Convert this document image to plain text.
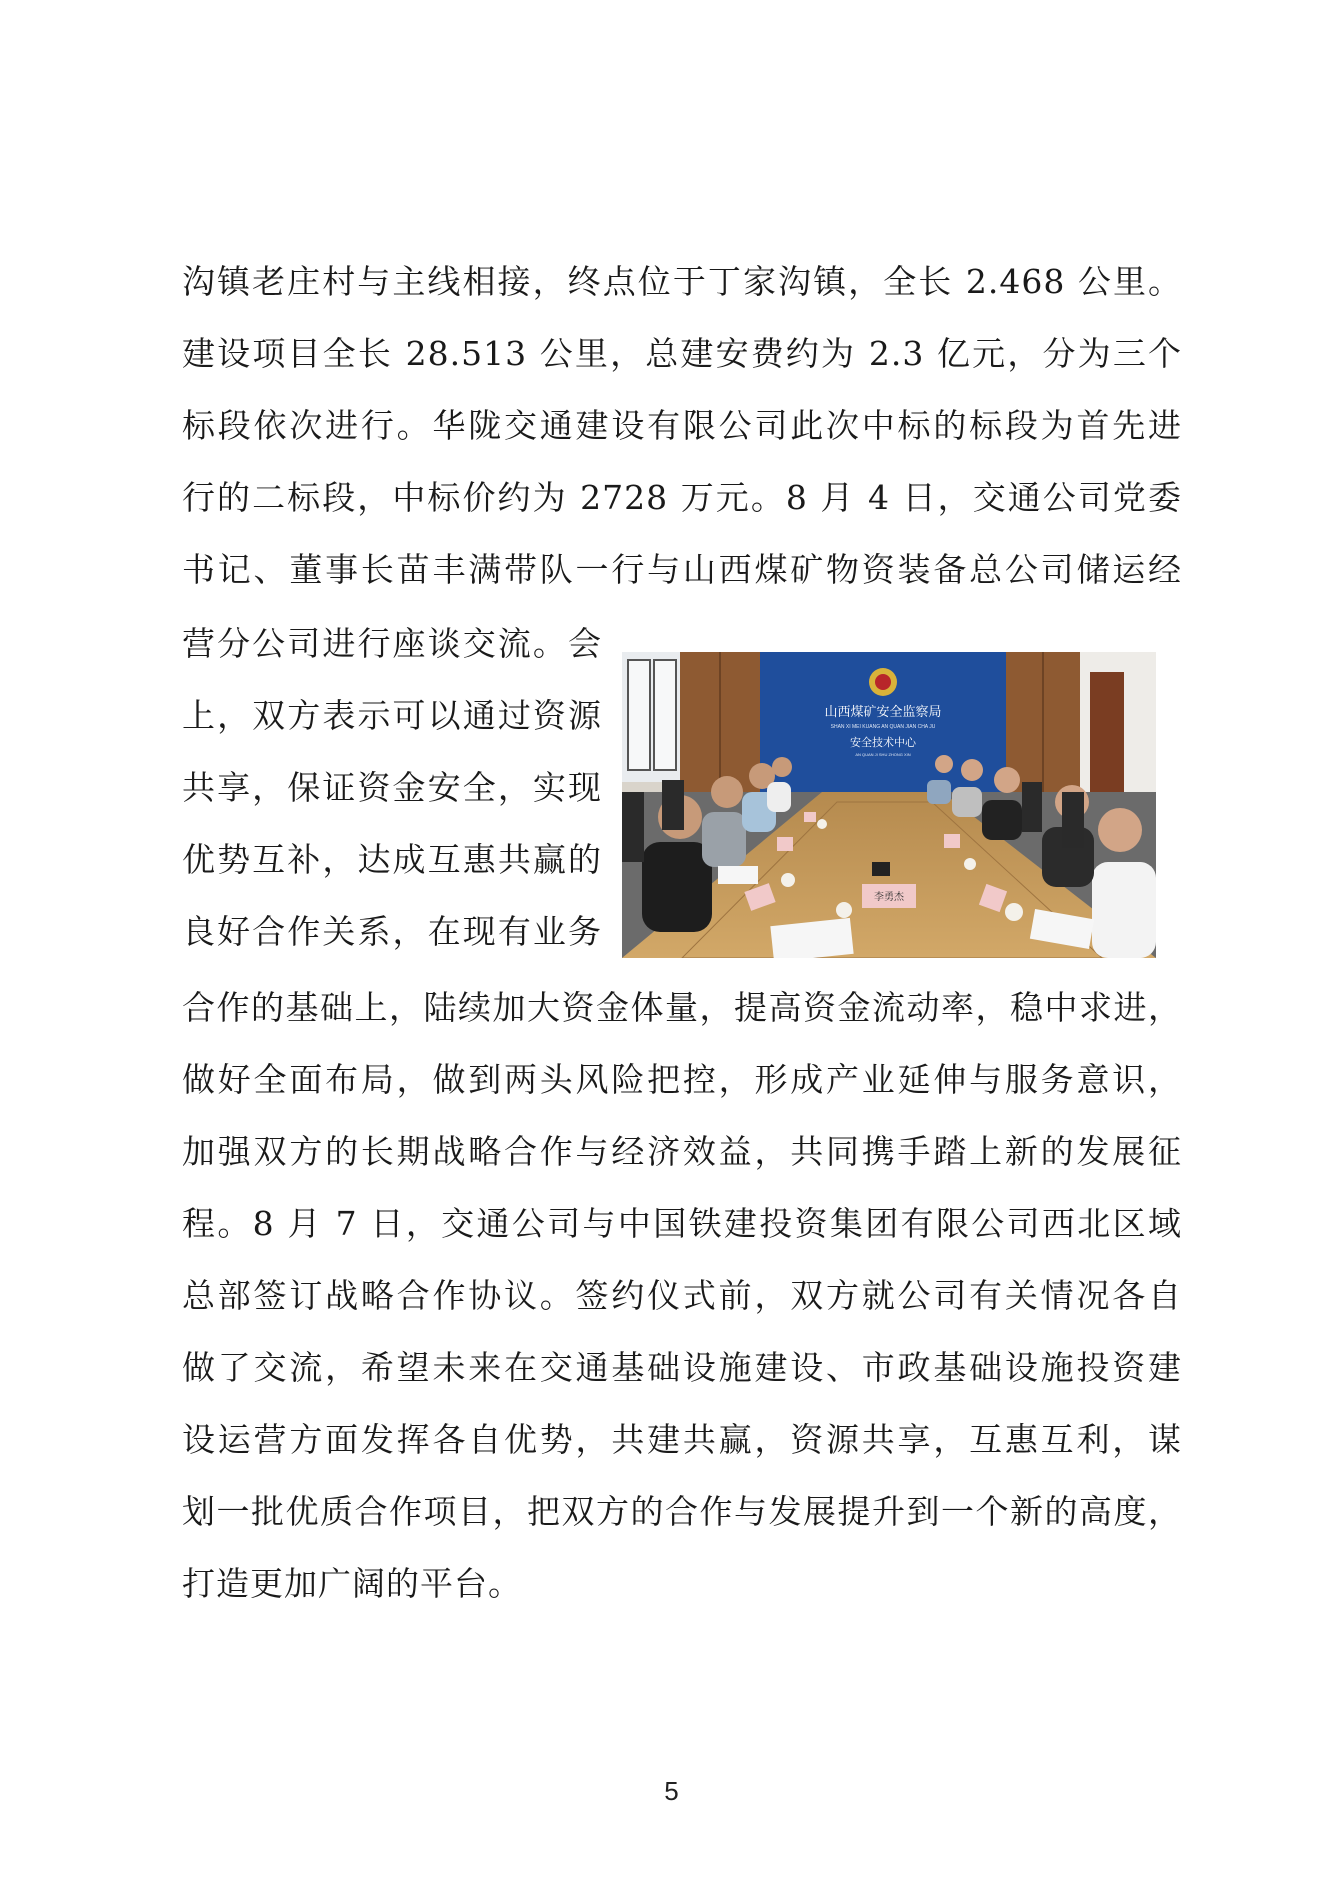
沟镇老庄村与主线相接，终点位于丁家沟镇，全长 2.468 公里。
建设项目全长 28.513 公里，总建安费约为 2.3 亿元，分为三个
标段依次进行。华陇交通建设有限公司此次中标的标段为首先进
行的二标段，中标价约为 2728 万元。8 月 4 日，交通公司党委
书记、董事长苗丰满带队一行与山西煤矿物资装备总公司储运经
营分公司进行座谈交流。会
上，双方表示可以通过资源
共享，保证资金安全，实现
优势互补，达成互惠共赢的
良好合作关系，在现有业务
合作的基础上，陆续加大资金体量，提高资金流动率，稳中求进，
做好全面布局，做到两头风险把控，形成产业延伸与服务意识，
加强双方的长期战略合作与经济效益，共同携手踏上新的发展征
程。8 月 7 日，交通公司与中国铁建投资集团有限公司西北区域
总部签订战略合作协议。签约仪式前，双方就公司有关情况各自
做了交流，希望未来在交通基础设施建设、市政基础设施投资建
设运营方面发挥各自优势，共建共赢，资源共享，互惠互利，谋
划一批优质合作项目，把双方的合作与发展提升到一个新的高度，
打造更加广阔的平台。
山西煤矿安全监察局
SHAN XI MEI KUANG AN QUAN JIAN CHA JU
安全技术中心
AN QUAN JI SHU ZHONG XIN
李勇杰
5
